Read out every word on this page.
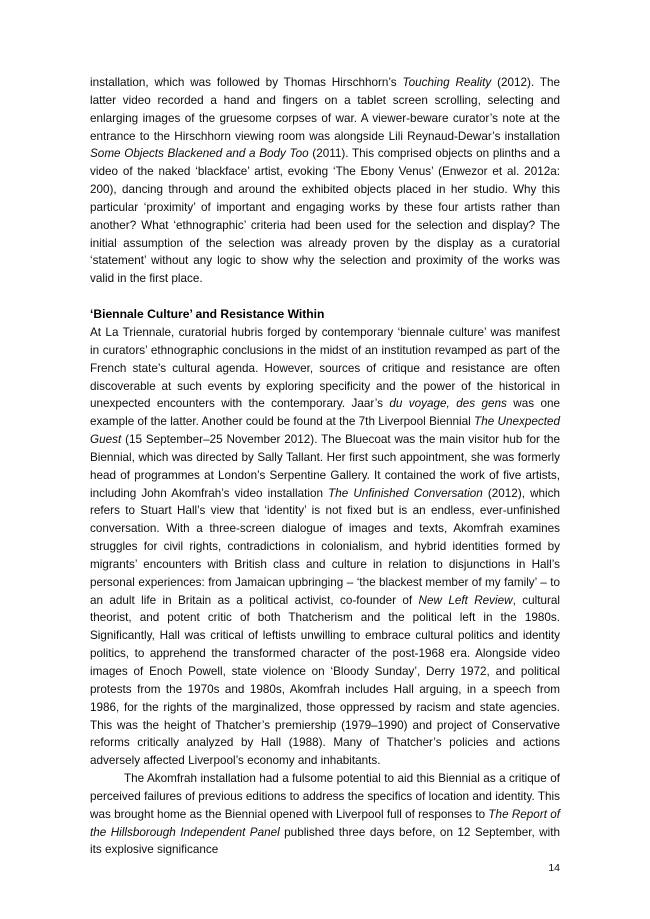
installation, which was followed by Thomas Hirschhorn’s Touching Reality (2012). The latter video recorded a hand and fingers on a tablet screen scrolling, selecting and enlarging images of the gruesome corpses of war. A viewer-beware curator’s note at the entrance to the Hirschhorn viewing room was alongside Lili Reynaud-Dewar’s installation Some Objects Blackened and a Body Too (2011). This comprised objects on plinths and a video of the naked ‘blackface’ artist, evoking ‘The Ebony Venus’ (Enwezor et al. 2012a: 200), dancing through and around the exhibited objects placed in her studio. Why this particular ‘proximity’ of important and engaging works by these four artists rather than another? What ‘ethnographic’ criteria had been used for the selection and display? The initial assumption of the selection was already proven by the display as a curatorial ‘statement’ without any logic to show why the selection and proximity of the works was valid in the first place.

‘Biennale Culture’ and Resistance Within

At La Triennale, curatorial hubris forged by contemporary ‘biennale culture’ was manifest in curators’ ethnographic conclusions in the midst of an institution revamped as part of the French state’s cultural agenda. However, sources of critique and resistance are often discoverable at such events by exploring specificity and the power of the historical in unexpected encounters with the contemporary. Jaar’s du voyage, des gens was one example of the latter. Another could be found at the 7th Liverpool Biennial The Unexpected Guest (15 September–25 November 2012). The Bluecoat was the main visitor hub for the Biennial, which was directed by Sally Tallant. Her first such appointment, she was formerly head of programmes at London’s Serpentine Gallery. It contained the work of five artists, including John Akomfrah’s video installation The Unfinished Conversation (2012), which refers to Stuart Hall’s view that ‘identity’ is not fixed but is an endless, ever-unfinished conversation. With a three-screen dialogue of images and texts, Akomfrah examines struggles for civil rights, contradictions in colonialism, and hybrid identities formed by migrants’ encounters with British class and culture in relation to disjunctions in Hall’s personal experiences: from Jamaican upbringing – ‘the blackest member of my family’ – to an adult life in Britain as a political activist, co-founder of New Left Review, cultural theorist, and potent critic of both Thatcherism and the political left in the 1980s. Significantly, Hall was critical of leftists unwilling to embrace cultural politics and identity politics, to apprehend the transformed character of the post-1968 era. Alongside video images of Enoch Powell, state violence on ‘Bloody Sunday’, Derry 1972, and political protests from the 1970s and 1980s, Akomfrah includes Hall arguing, in a speech from 1986, for the rights of the marginalized, those oppressed by racism and state agencies. This was the height of Thatcher’s premiership (1979–1990) and project of Conservative reforms critically analyzed by Hall (1988). Many of Thatcher’s policies and actions adversely affected Liverpool’s economy and inhabitants.

The Akomfrah installation had a fulsome potential to aid this Biennial as a critique of perceived failures of previous editions to address the specifics of location and identity. This was brought home as the Biennial opened with Liverpool full of responses to The Report of the Hillsborough Independent Panel published three days before, on 12 September, with its explosive significance

14
